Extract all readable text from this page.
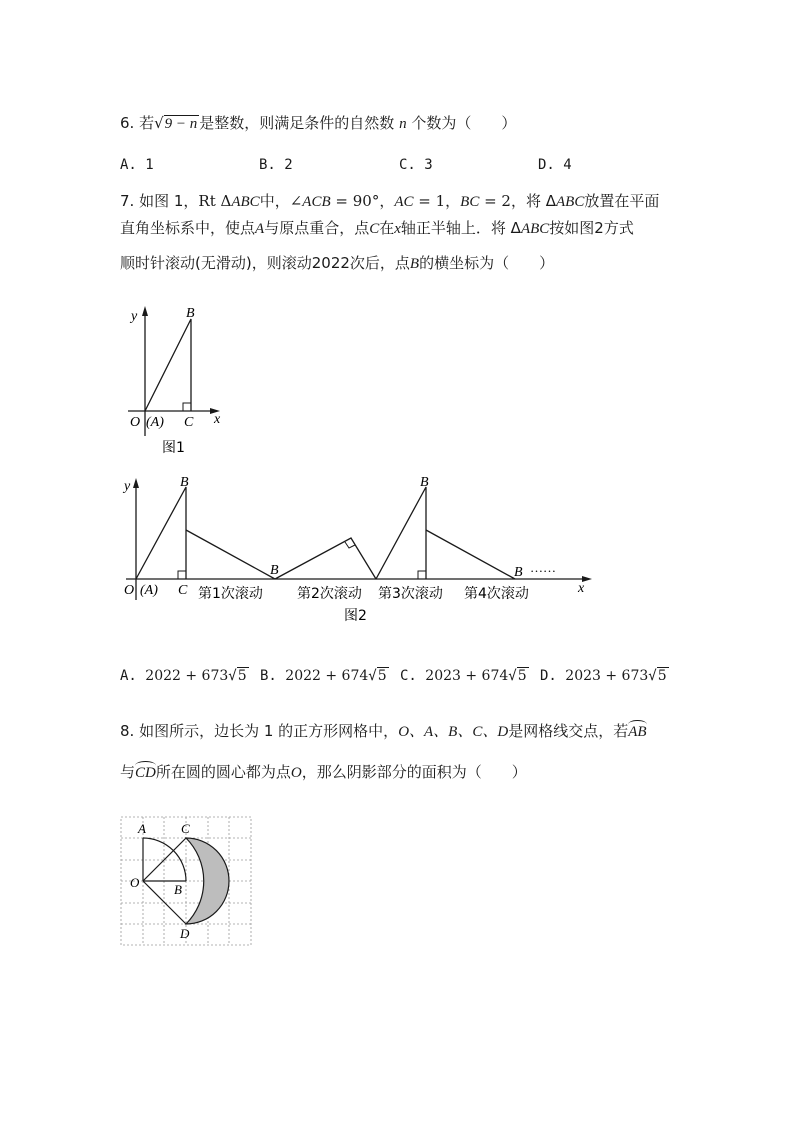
6. 若√9 − n 是整数，则满足条件的自然数 n 个数为（　　）
A. 1	B. 2	C. 3	D. 4
7. 如图 1，Rt ΔABC中，∠ACB = 90°，AC = 1，BC = 2，将 ΔABC放置在平面
直角坐标系中，使点A与原点重合，点C在x轴正半轴上．将 ΔABC按如图2方式
顺时针滚动(无滑动)，则滚动2022次后，点B的横坐标为（　　）
y
x
B
O (A) C
图1
y
x
B
B
B
B ……
O (A) C 第1次滚动 第2次滚动 第3次滚动 第4次滚动
图2
A. 2022 + 673√5 B. 2022 + 674√5 C. 2023 + 674√5 D. 2023 + 673√5
8. 如图所示，边长为 1 的正方形网格中，O、A、B、C、D是网格线交点，若AB
与CD所在圆的圆心都为点O，那么阴影部分的面积为（　　）
A	C
O	B
D
